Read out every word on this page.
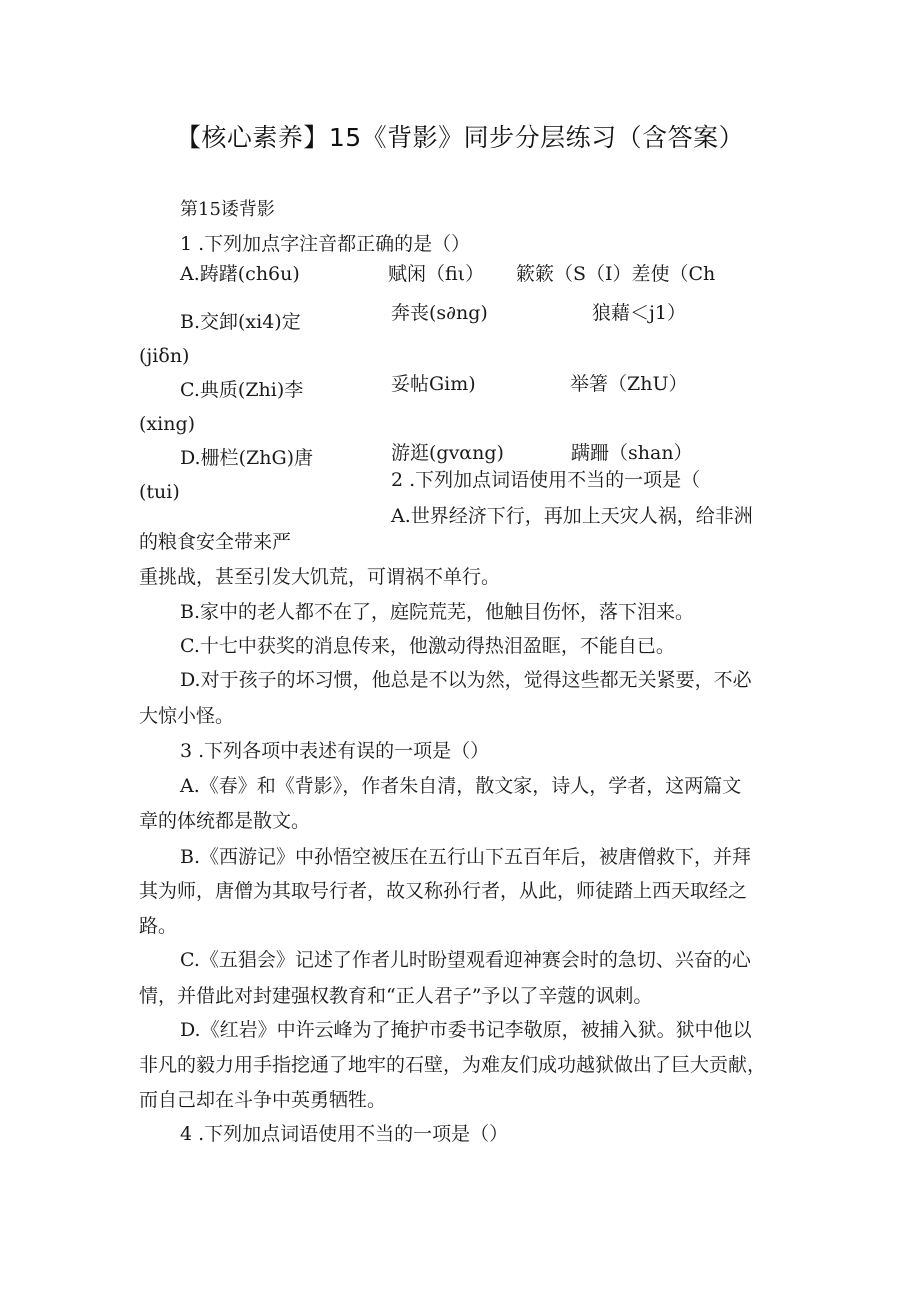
【核心素养】15《背影》同步分层练习（含答案）
第15诿背影
1 .下列加点字注音都正确的是（）
A.踌躇(ch6u)	赋闲（fiι） 簌簌（S（I）差使（Ch
B.交卸(xi4)定	奔丧(s∂ng)	狼藉＜j1）
(jiδn)
C.典质(Zhi)李	妥帖Gim)	举箸（ZhU）
(xing)
D.栅栏(ZhG)唐	游逛(gvαng)	蹒跚（shan）
(tui)
2 .下列加点词语使用不当的一项是（
A.世界经济下行，再加上天灾人祸，给非洲
的粮食安全带来严
重挑战，甚至引发大饥荒，可谓祸不单行。
B.家中的老人都不在了，庭院荒芜，他触目伤怀，落下泪来。
C.十七中获奖的消息传来，他激动得热泪盈眶，不能自已。
D.对于孩子的坏习惯，他总是不以为然，觉得这些都无关紧要，不必
大惊小怪。
3 .下列各项中表述有误的一项是（）
A.《春》和《背影》，作者朱自清，散文家，诗人，学者，这两篇文
章的体统都是散文。
B.《西游记》中孙悟空被压在五行山下五百年后，被唐僧救下，并拜
其为师，唐僧为其取号行者，故又称孙行者，从此，师徒踏上西天取经之
路。
C.《五猖会》记述了作者儿时盼望观看迎神赛会时的急切、兴奋的心
情，并借此对封建强权教育和“正人君子”予以了辛蔻的讽刺。
D.《红岩》中许云峰为了掩护市委书记李敬原，被捕入狱。狱中他以
非凡的毅力用手指挖通了地牢的石壁，为难友们成功越狱做出了巨大贡献，
而自己却在斗争中英勇牺牲。
4 .下列加点词语使用不当的一项是（）
